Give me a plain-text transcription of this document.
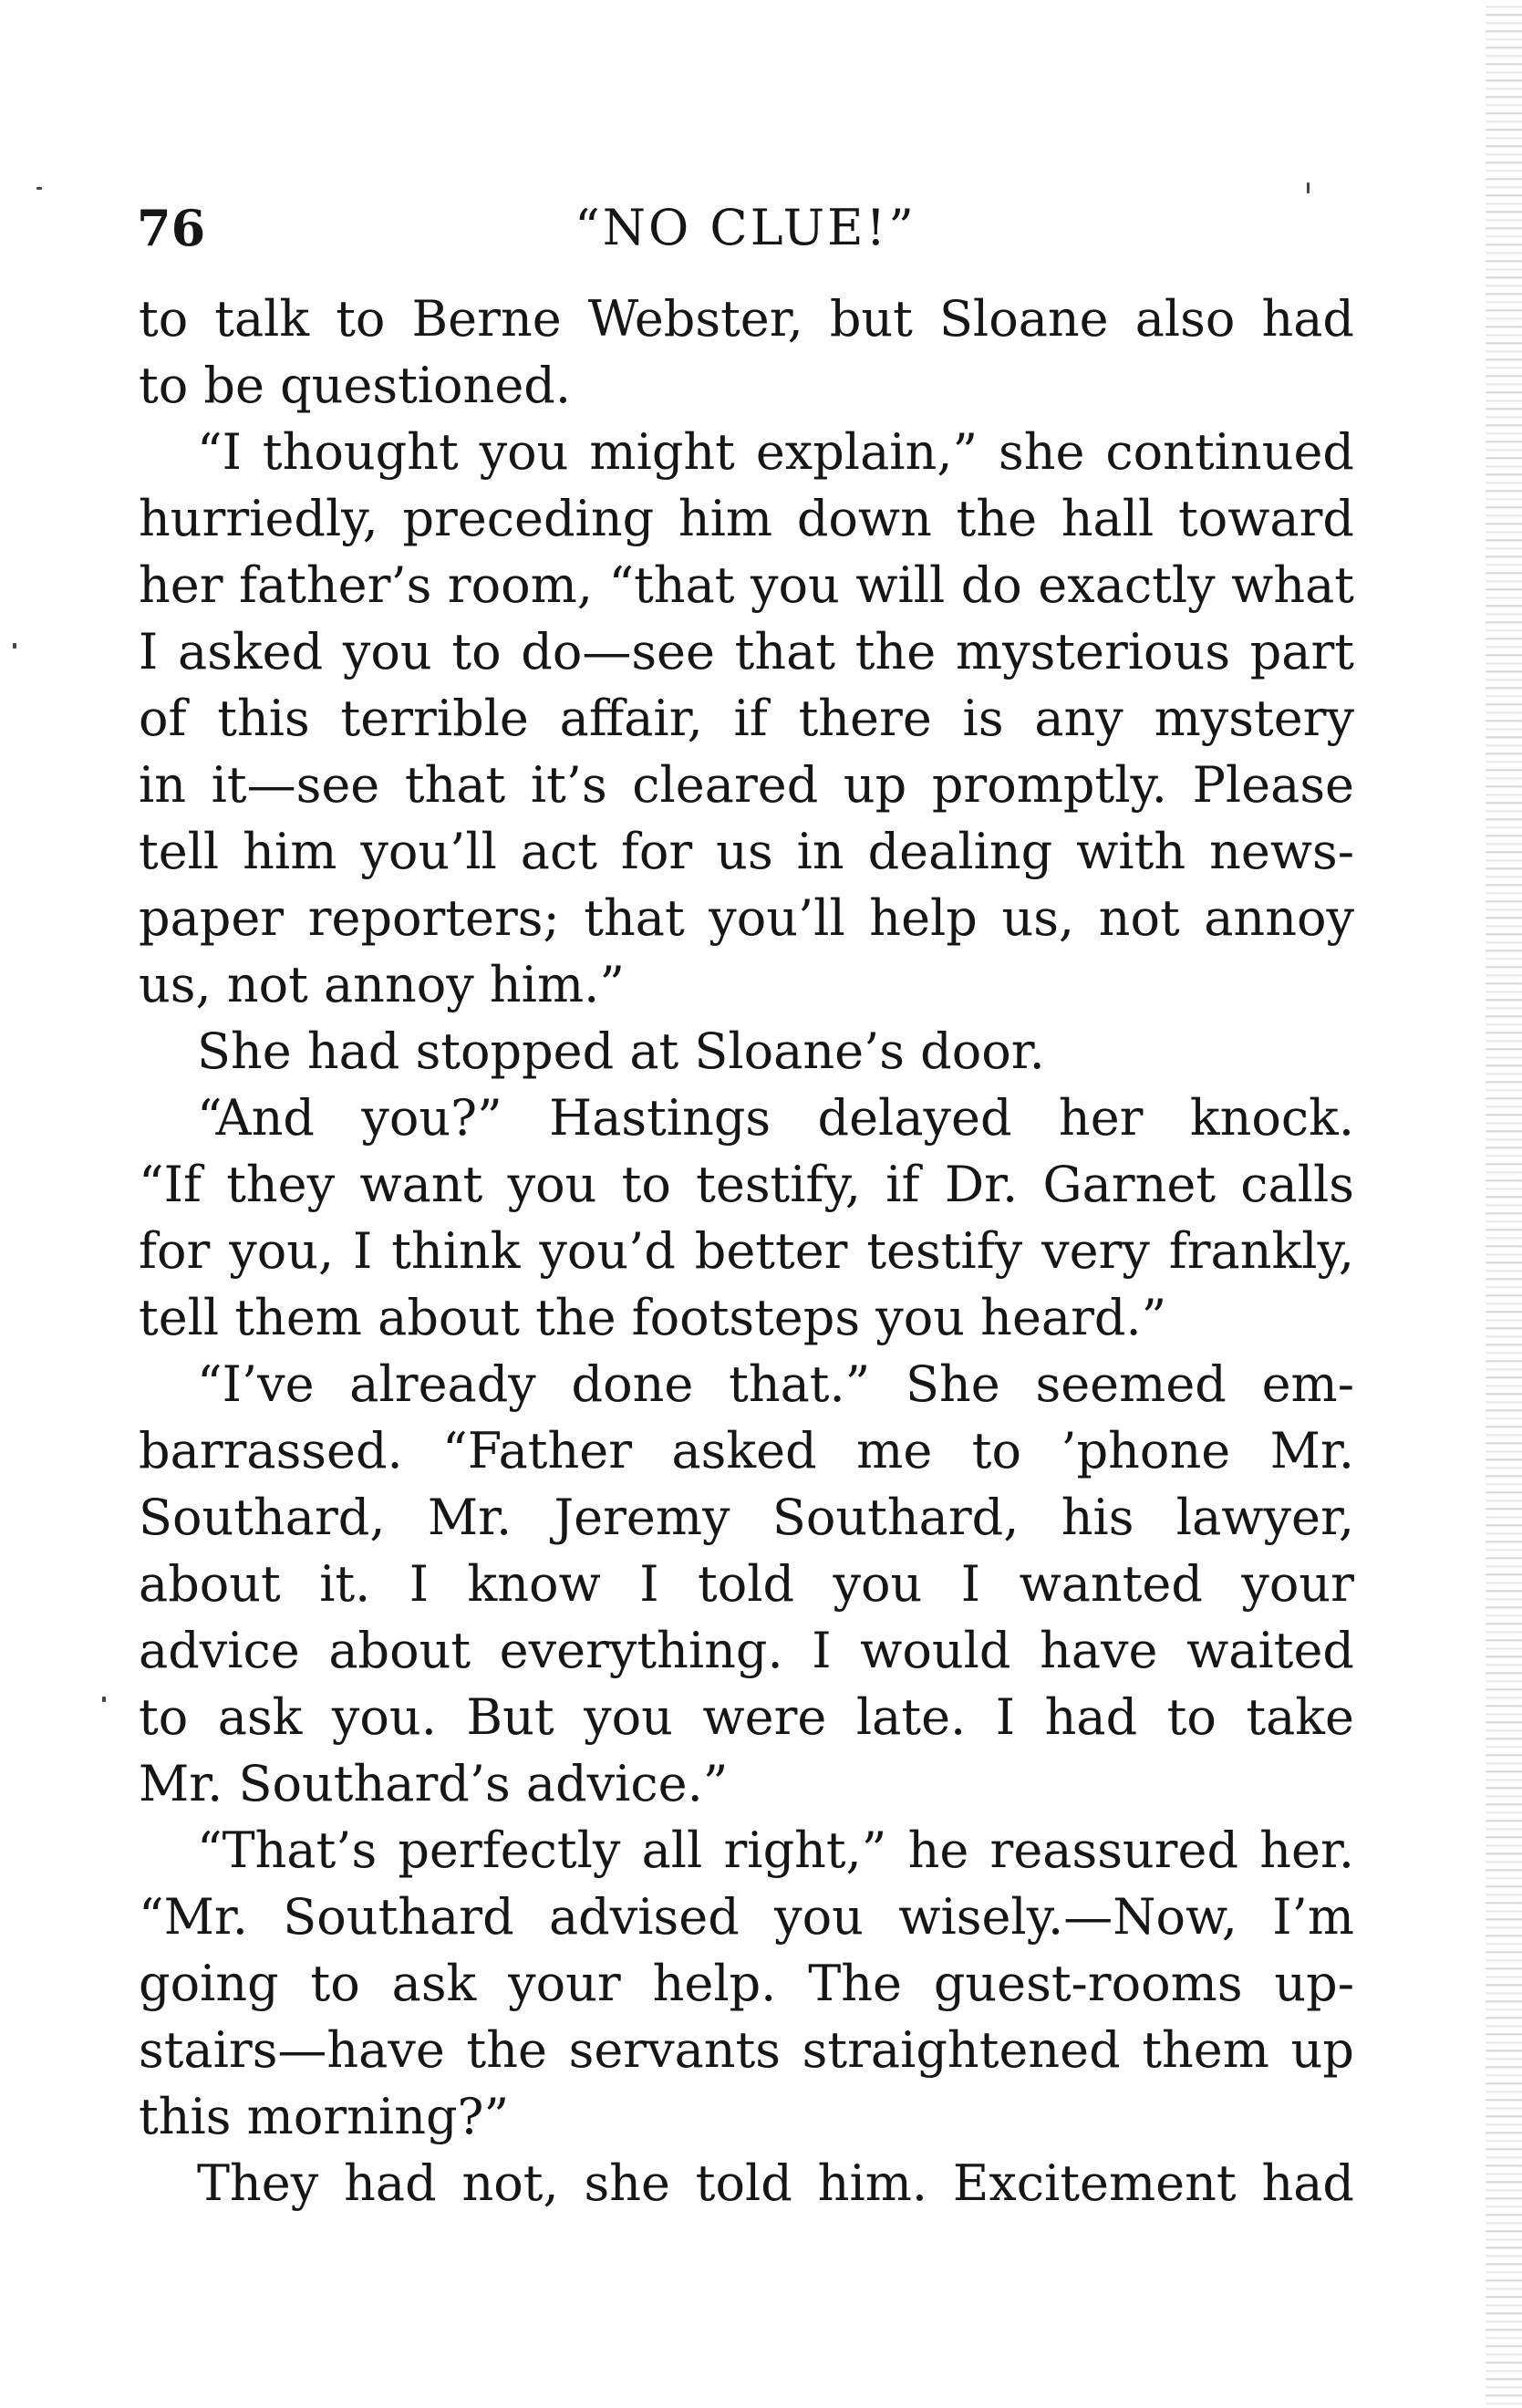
76	“NO CLUE!”
to talk to Berne Webster, but Sloane also had
to be questioned.
“I thought you might explain,” she continued
hurriedly, preceding him down the hall toward
her father’s room, “that you will do exactly what
I asked you to do—see that the mysterious part
of this terrible affair, if there is any mystery
in it—see that it’s cleared up promptly. Please
tell him you’ll act for us in dealing with news-
paper reporters; that you’ll help us, not annoy
us, not annoy him.”
She had stopped at Sloane’s door.
“And you?” Hastings delayed her knock.
“If they want you to testify, if Dr. Garnet calls
for you, I think you’d better testify very frankly,
tell them about the footsteps you heard.”
“I’ve already done that.” She seemed em-
barrassed. “Father asked me to ’phone Mr.
Southard, Mr. Jeremy Southard, his lawyer,
about it. I know I told you I wanted your
advice about everything. I would have waited
to ask you. But you were late. I had to take
Mr. Southard’s advice.”
“That’s perfectly all right,” he reassured her.
“Mr. Southard advised you wisely.—Now, I’m
going to ask your help. The guest-rooms up-
stairs—have the servants straightened them up
this morning?”
They had not, she told him. Excitement had
